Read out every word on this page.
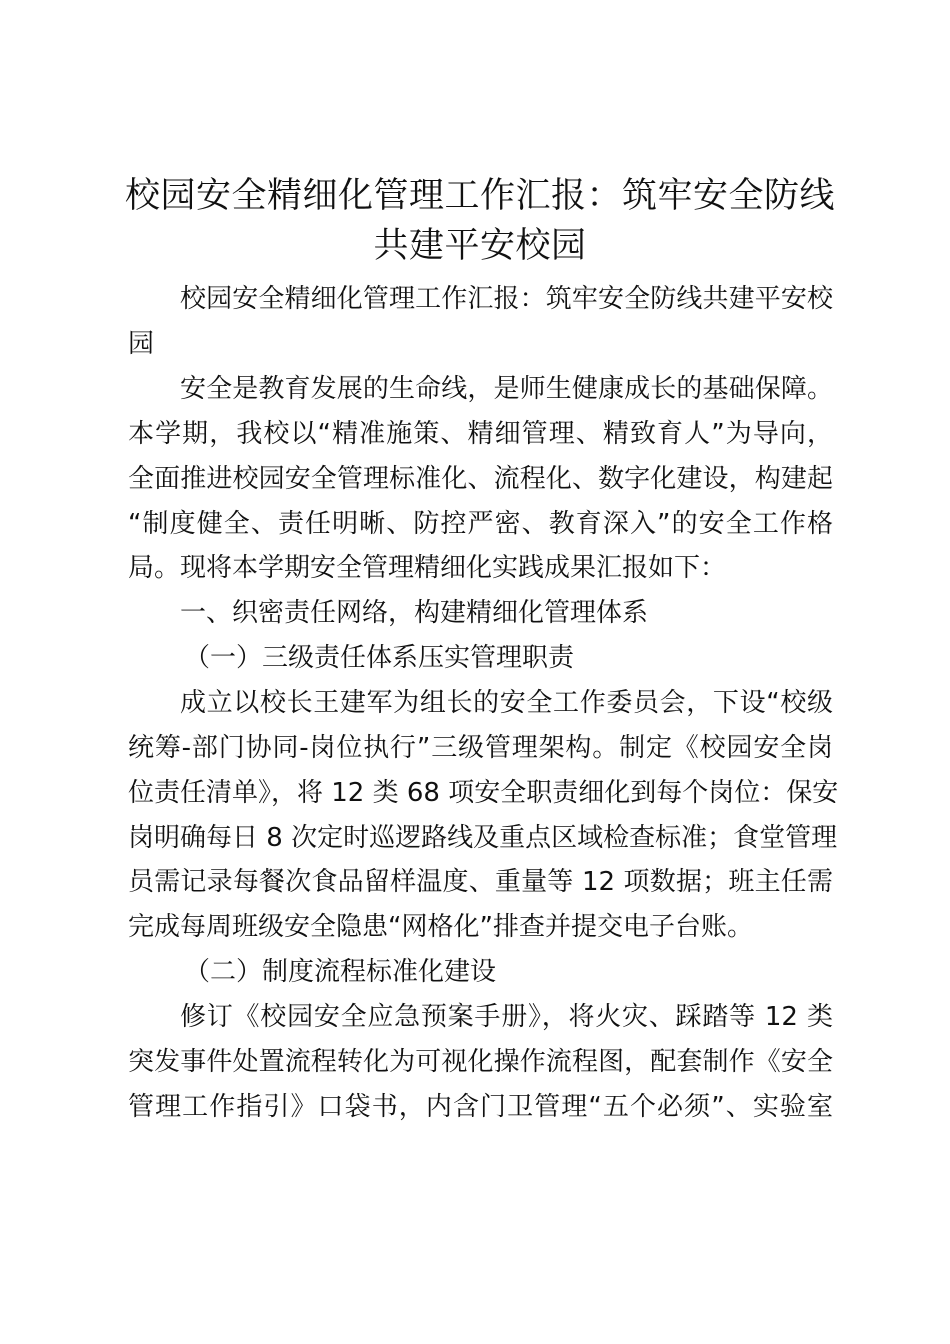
校园安全精细化管理工作汇报：筑牢安全防线
共建平安校园
校园安全精细化管理工作汇报：筑牢安全防线共建平安校
园
安全是教育发展的生命线，是师生健康成长的基础保障。
本学期，我校以“精准施策、精细管理、精致育人”为导向，
全面推进校园安全管理标准化、流程化、数字化建设，构建起
“制度健全、责任明晰、防控严密、教育深入”的安全工作格
局。现将本学期安全管理精细化实践成果汇报如下：
一、织密责任网络，构建精细化管理体系
（一）三级责任体系压实管理职责
成立以校长王建军为组长的安全工作委员会，下设“校级
统筹-部门协同-岗位执行”三级管理架构。制定《校园安全岗
位责任清单》，将 12 类 68 项安全职责细化到每个岗位：保安
岗明确每日 8 次定时巡逻路线及重点区域检查标准；食堂管理
员需记录每餐次食品留样温度、重量等 12 项数据；班主任需
完成每周班级安全隐患“网格化”排查并提交电子台账。
（二）制度流程标准化建设
修订《校园安全应急预案手册》，将火灾、踩踏等 12 类
突发事件处置流程转化为可视化操作流程图，配套制作《安全
管理工作指引》口袋书，内含门卫管理“五个必须”、实验室
